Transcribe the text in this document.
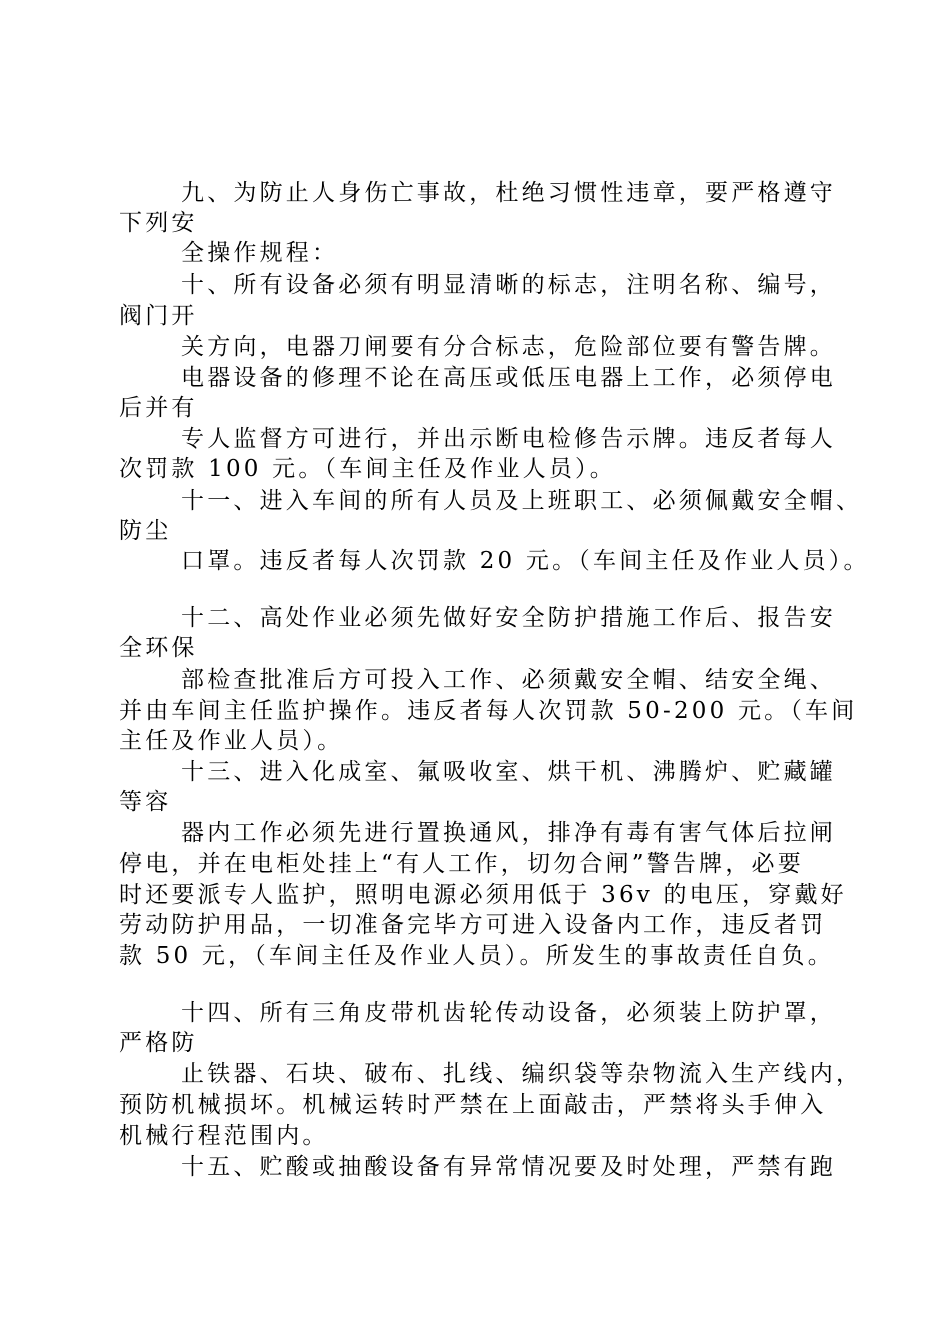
九、为防止人身伤亡事故，杜绝习惯性违章，要严格遵守
下列安
全操作规程：
十、所有设备必须有明显清晰的标志，注明名称、编号，
阀门开
关方向，电器刀闸要有分合标志，危险部位要有警告牌。
电器设备的修理不论在高压或低压电器上工作，必须停电
后并有
专人监督方可进行，并出示断电检修告示牌。违反者每人
次罚款 100 元。（车间主任及作业人员）。
十一、进入车间的所有人员及上班职工、必须佩戴安全帽、
防尘
口罩。违反者每人次罚款 20 元。（车间主任及作业人员）。
十二、高处作业必须先做好安全防护措施工作后、报告安
全环保
部检查批准后方可投入工作、必须戴安全帽、结安全绳、
并由车间主任监护操作。违反者每人次罚款 50-200 元。（车间
主任及作业人员）。
十三、进入化成室、氟吸收室、烘干机、沸腾炉、贮藏罐
等容
器内工作必须先进行置换通风，排净有毒有害气体后拉闸
停电，并在电柜处挂上“有人工作，切勿合闸”警告牌，必要
时还要派专人监护，照明电源必须用低于 36v 的电压，穿戴好
劳动防护用品，一切准备完毕方可进入设备内工作，违反者罚
款 50 元，（车间主任及作业人员）。所发生的事故责任自负。
十四、所有三角皮带机齿轮传动设备，必须装上防护罩，
严格防
止铁器、石块、破布、扎线、编织袋等杂物流入生产线内，
预防机械损坏。机械运转时严禁在上面敲击，严禁将头手伸入
机械行程范围内。
十五、贮酸或抽酸设备有异常情况要及时处理，严禁有跑
